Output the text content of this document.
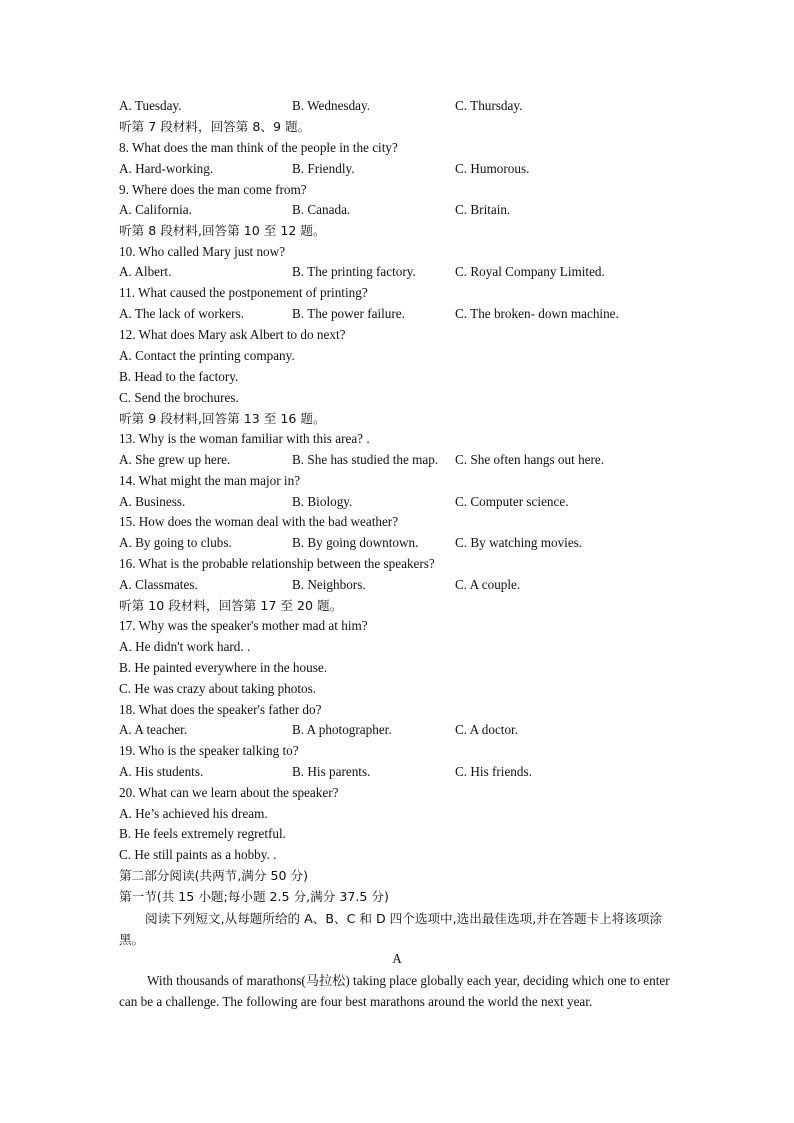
A. Tuesday.	B. Wednesday.	C. Thursday.
听第 7 段材料，回答第 8、9 题。
8. What does the man think of the people in the city?
A. Hard-working.	B. Friendly.	C. Humorous.
9. Where does the man come from?
A. California.	B. Canada.	C. Britain.
听第 8 段材料,回答第 10 至 12 题。
10. Who called Mary just now?
A. Albert.	B. The printing factory.	C. Royal Company Limited.
11. What caused the postponement of printing?
A. The lack of workers.	B. The power failure.	C. The broken- down machine.
12. What does Mary ask Albert to do next?
A. Contact the printing company.
B. Head to the factory.
C. Send the brochures.
听第 9 段材料,回答第 13 至 16 题。
13. Why is the woman familiar with this area? .
A. She grew up here.	B. She has studied the map. C. She often hangs out here.
14. What might the man major in?
A. Business.	B. Biology.	C. Computer science.
15. How does the woman deal with the bad weather?
A. By going to clubs.	B. By going downtown.	C. By watching movies.
16. What is the probable relationship between the speakers?
A. Classmates.	B. Neighbors.	C. A couple.
听第 10 段材料，回答第 17 至 20 题。
17. Why was the speaker's mother mad at him?
A. He didn't work hard. .
B. He painted everywhere in the house.
C. He was crazy about taking photos.
18. What does the speaker's father do?
A. A teacher.	B. A photographer.	C. A doctor.
19. Who is the speaker talking to?
A. His students.	B. His parents.	C. His friends.
20. What can we learn about the speaker?
A. He’s achieved his dream.
B. He feels extremely regretful.
C. He still paints as a hobby. .
第二部分阅读(共两节,满分 50 分)
第一节(共 15 小题;每小题 2.5 分,满分 37.5 分)
阅读下列短文,从每题所给的 A、B、C 和 D 四个选项中,选出最佳选项,并在答题卡上将该项涂黑。
A
With thousands of marathons(马拉松) taking place globally each year, deciding which one to enter can be a challenge. The following are four best marathons around the world the next year.
